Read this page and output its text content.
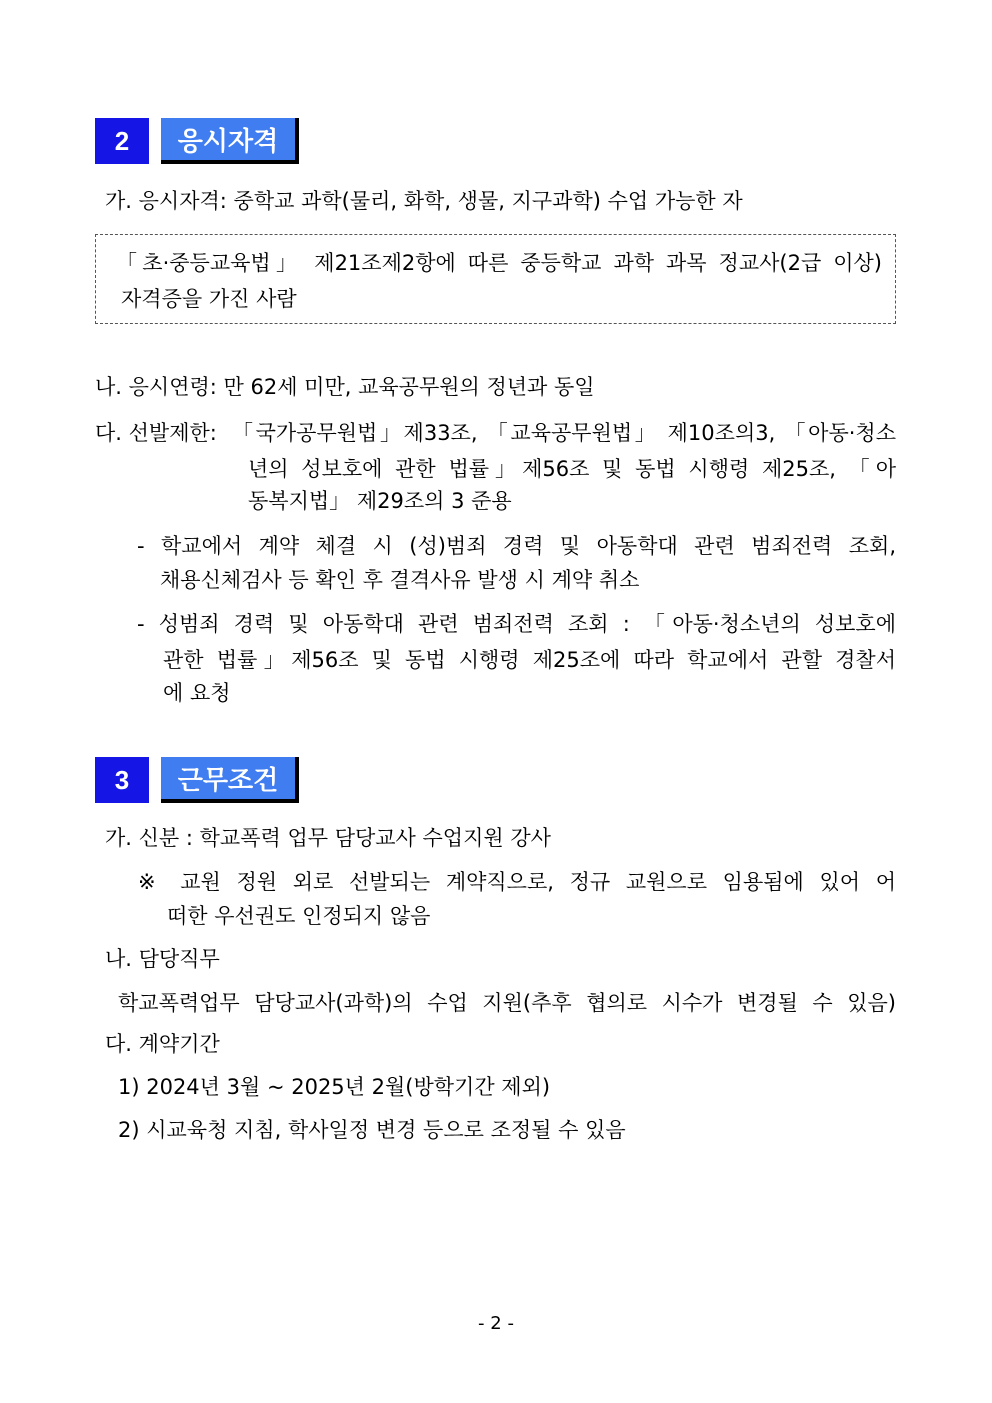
2	응시자격
가. 응시자격: 중학교 과학(물리, 화학, 생물, 지구과학) 수업 가능한 자
「초·중등교육법」 제21조제2항에 따른 중등학교 과학 과목 정교사(2급 이상)
자격증을 가진 사람
나. 응시연령: 만 62세 미만, 교육공무원의 정년과 동일
다. 선발제한: 「국가공무원법」제33조, 「교육공무원법」 제10조의3, 「아동·청소
년의 성보호에 관한 법률」제56조 및 동법 시행령 제25조, 「아
동복지법」 제29조의 3 준용
- 학교에서 계약 체결 시 (성)범죄 경력 및 아동학대 관련 범죄전력 조회,
채용신체검사 등 확인 후 결격사유 발생 시 계약 취소
- 성범죄 경력 및 아동학대 관련 범죄전력 조회 : 「아동·청소년의 성보호에
관한 법률」제56조 및 동법 시행령 제25조에 따라 학교에서 관할 경찰서
에 요청
3	근무조건
가. 신분 : 학교폭력 업무 담당교사 수업지원 강사
※ 교원 정원 외로 선발되는 계약직으로, 정규 교원으로 임용됨에 있어 어
떠한 우선권도 인정되지 않음
나. 담당직무
학교폭력업무 담당교사(과학)의 수업 지원(추후 협의로 시수가 변경될 수 있음)
다. 계약기간
1) 2024년 3월 ~ 2025년 2월(방학기간 제외)
2) 시교육청 지침, 학사일정 변경 등으로 조정될 수 있음
- 2 -
